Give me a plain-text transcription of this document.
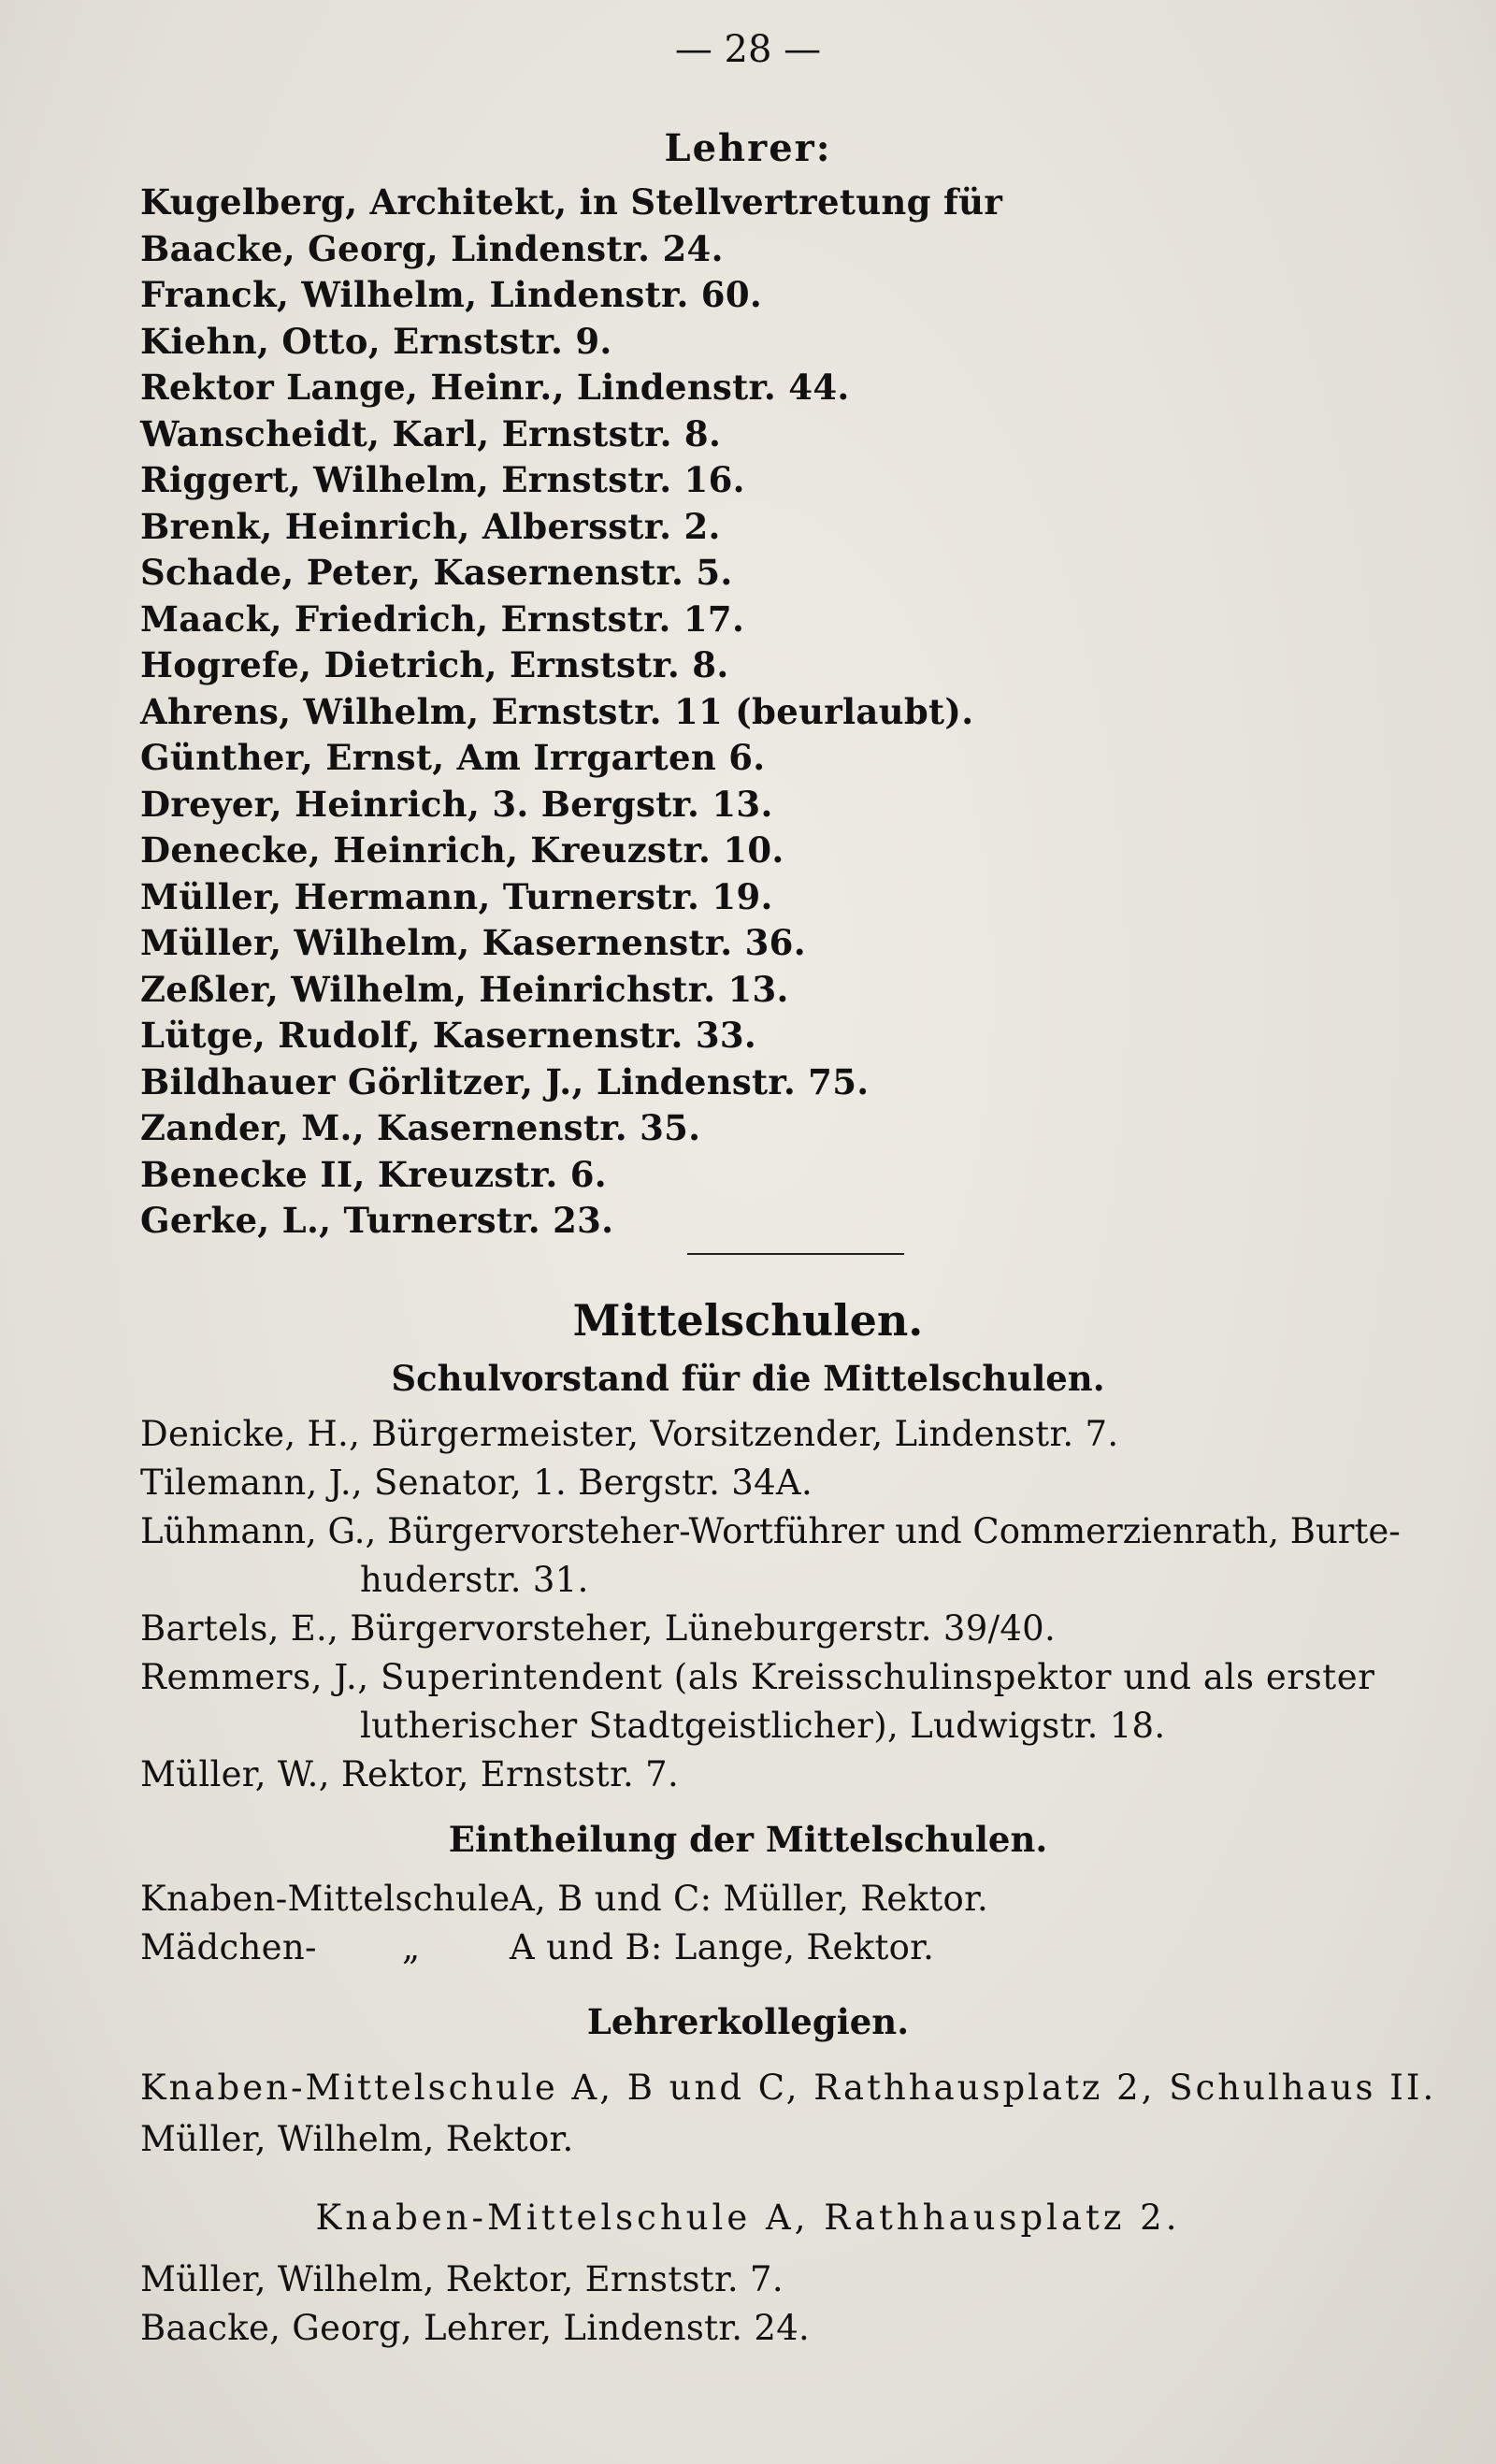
— 28 —
Lehrer:
Kugelberg, Architekt, in Stellvertretung für
Baacke, Georg, Lindenstr. 24.
Franck, Wilhelm, Lindenstr. 60.
Kiehn, Otto, Ernststr. 9.
Rektor Lange, Heinr., Lindenstr. 44.
Wanscheidt, Karl, Ernststr. 8.
Riggert, Wilhelm, Ernststr. 16.
Brenk, Heinrich, Albersstr. 2.
Schade, Peter, Kasernenstr. 5.
Maack, Friedrich, Ernststr. 17.
Hogrefe, Dietrich, Ernststr. 8.
Ahrens, Wilhelm, Ernststr. 11 (beurlaubt).
Günther, Ernst, Am Irrgarten 6.
Dreyer, Heinrich, 3. Bergstr. 13.
Denecke, Heinrich, Kreuzstr. 10.
Müller, Hermann, Turnerstr. 19.
Müller, Wilhelm, Kasernenstr. 36.
Zeßler, Wilhelm, Heinrichstr. 13.
Lütge, Rudolf, Kasernenstr. 33.
Bildhauer Görlitzer, J., Lindenstr. 75.
Zander, M., Kasernenstr. 35.
Benecke II, Kreuzstr. 6.
Gerke, L., Turnerstr. 23.
Mittelschulen.
Schulvorstand für die Mittelschulen.
Denicke, H., Bürgermeister, Vorsitzender, Lindenstr. 7.
Tilemann, J., Senator, 1. Bergstr. 34A.
Lühmann, G., Bürgervorsteher-Wortführer und Commerzienrath, Burte-
huderstr. 31.
Bartels, E., Bürgervorsteher, Lüneburgerstr. 39/40.
Remmers, J., Superintendent (als Kreisschulinspektor und als erster
lutherischer Stadtgeistlicher), Ludwigstr. 18.
Müller, W., Rektor, Ernststr. 7.
Eintheilung der Mittelschulen.
Knaben-Mittelschule A, B und C: Müller, Rektor.
Mädchen- „	A und B: Lange, Rektor.
Lehrerkollegien.
Knaben-Mittelschule A, B und C, Rathhausplatz 2, Schulhaus II.
Müller, Wilhelm, Rektor.
Knaben-Mittelschule A, Rathhausplatz 2.
Müller, Wilhelm, Rektor, Ernststr. 7.
Baacke, Georg, Lehrer, Lindenstr. 24.
